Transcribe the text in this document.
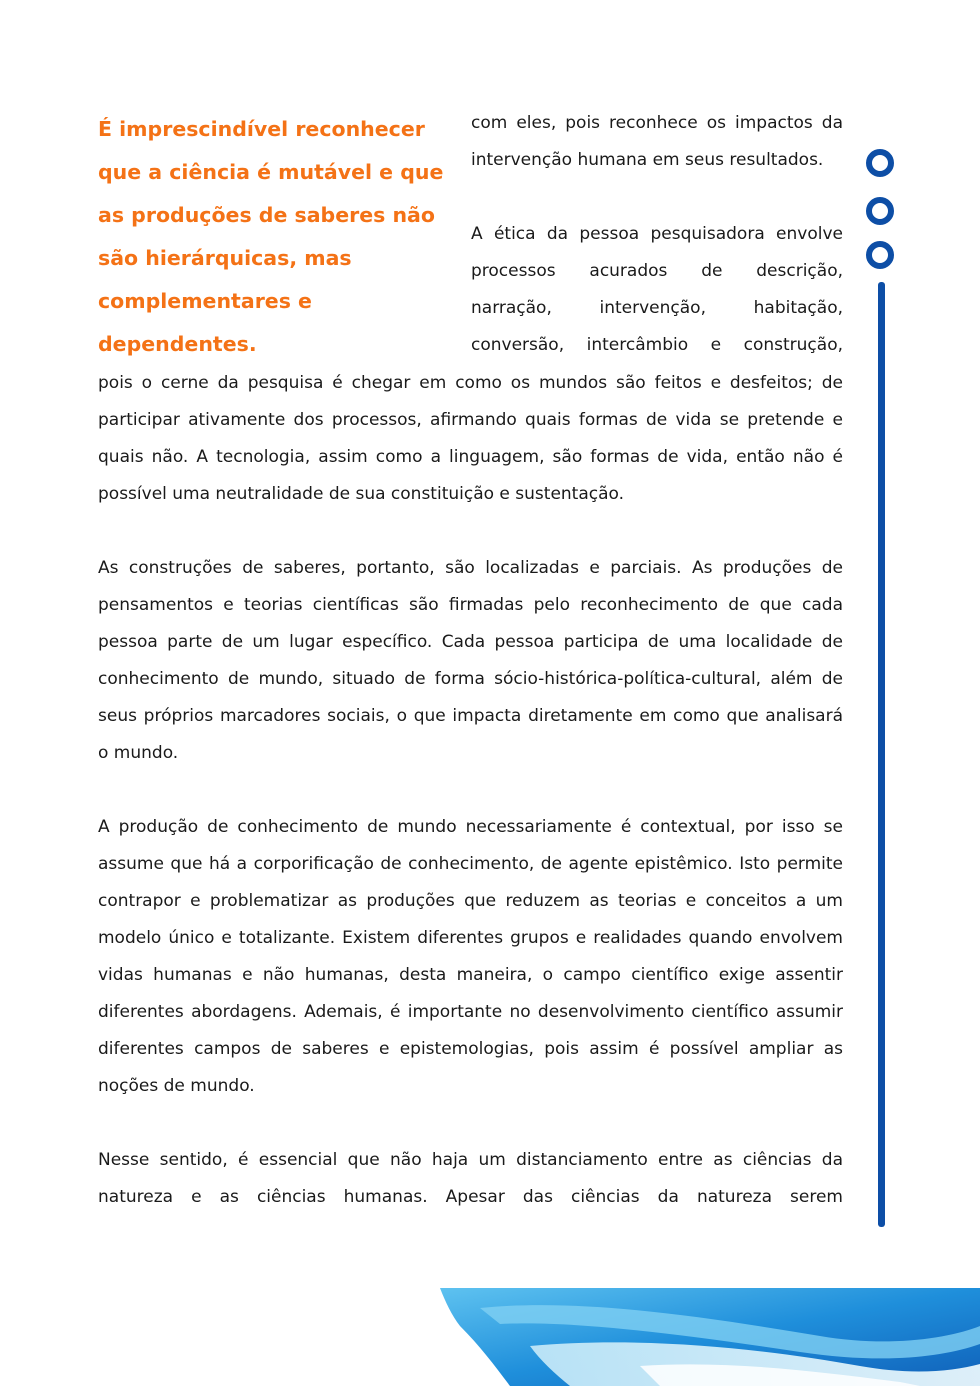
É imprescindível reconhecer que a ciência é mutável e que as produções de saberes não são hierárquicas, mas complementares e dependentes.

com eles, pois reconhece os impactos da intervenção humana em seus resultados.

A ética da pessoa pesquisadora envolve processos acurados de descrição, narração, intervenção, habitação, conversão, intercâmbio e construção,

pois o cerne da pesquisa é chegar em como os mundos são feitos e desfeitos; de participar ativamente dos processos, afirmando quais formas de vida se pretende e quais não. A tecnologia, assim como a linguagem, são formas de vida, então não é possível uma neutralidade de sua constituição e sustentação.

As construções de saberes, portanto, são localizadas e parciais. As produções de pensamentos e teorias científicas são firmadas pelo reconhecimento de que cada pessoa parte de um lugar específico. Cada pessoa participa de uma localidade de conhecimento de mundo, situado de forma sócio-histórica-política-cultural, além de seus próprios marcadores sociais, o que impacta diretamente em como que analisará o mundo.

A produção de conhecimento de mundo necessariamente é contextual, por isso se assume que há a corporificação de conhecimento, de agente epistêmico. Isto permite contrapor e problematizar as produções que reduzem as teorias e conceitos a um modelo único e totalizante. Existem diferentes grupos e realidades quando envolvem vidas humanas e não humanas, desta maneira, o campo científico exige assentir diferentes abordagens. Ademais, é importante no desenvolvimento científico assumir diferentes campos de saberes e epistemologias, pois assim é possível ampliar as noções de mundo.

Nesse sentido, é essencial que não haja um distanciamento entre as ciências da natureza e as ciências humanas. Apesar das ciências da natureza serem
